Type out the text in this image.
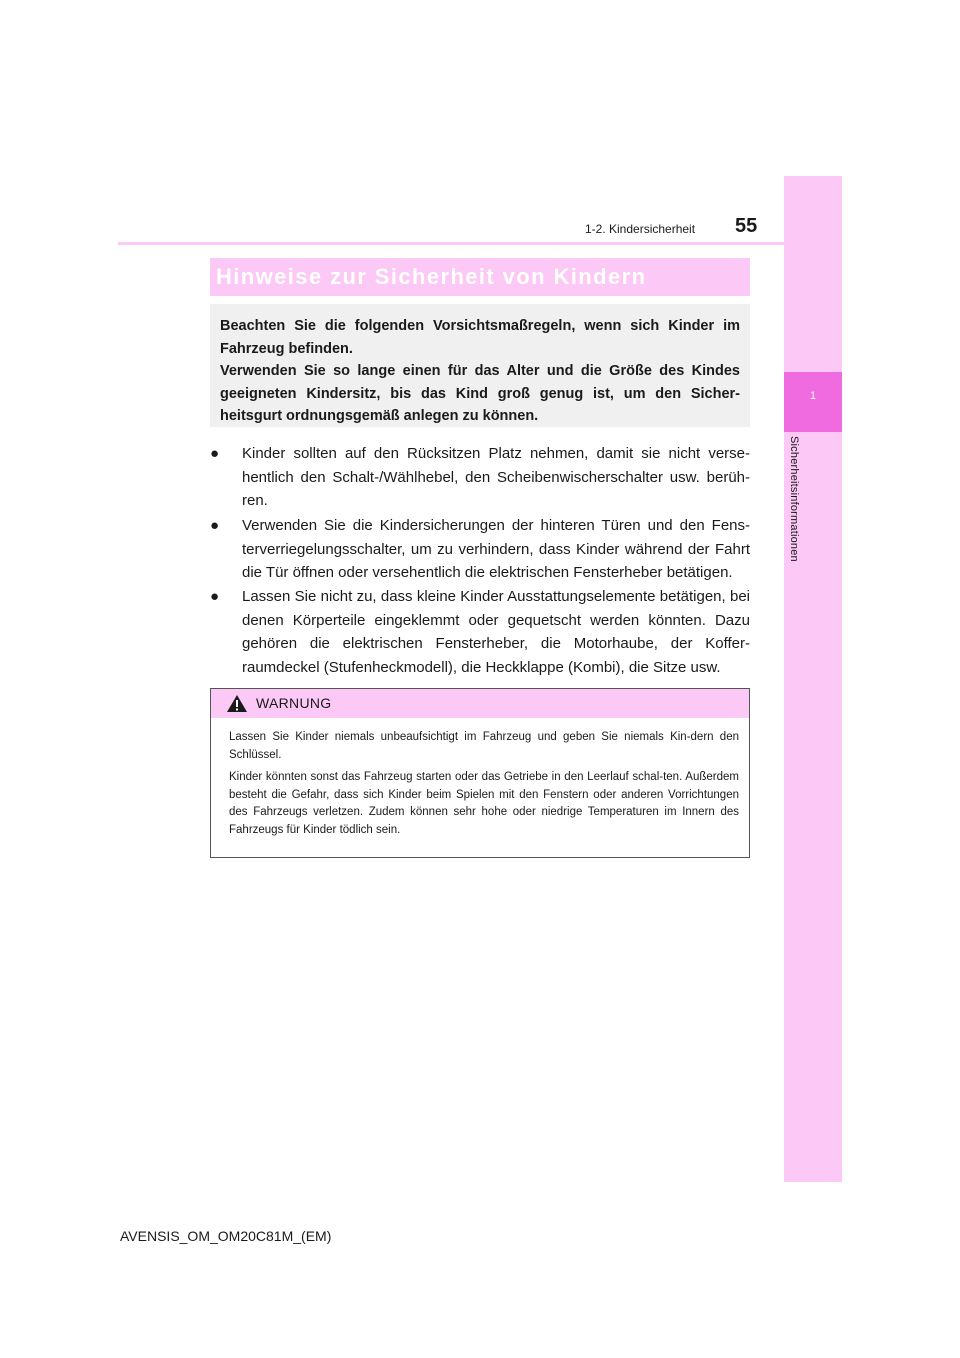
1
Sicherheitsinformationen
1-2. Kindersicherheit 55
Hinweise zur Sicherheit von Kindern

Beachten Sie die folgenden Vorsichtsmaßregeln, wenn sich Kinder im Fahrzeug befinden.

Verwenden Sie so lange einen für das Alter und die Größe des Kindes geeigneten Kindersitz, bis das Kind groß genug ist, um den Sicher-heitsgurt ordnungsgemäß anlegen zu können.

● Kinder sollten auf den Rücksitzen Platz nehmen, damit sie nicht verse-hentlich den Schalt-/Wählhebel, den Scheibenwischerschalter usw. berüh-ren.
● Verwenden Sie die Kindersicherungen der hinteren Türen und den Fens-terverriegelungsschalter, um zu verhindern, dass Kinder während der Fahrt die Tür öffnen oder versehentlich die elektrischen Fensterheber betätigen.
● Lassen Sie nicht zu, dass kleine Kinder Ausstattungselemente betätigen, bei denen Körperteile eingeklemmt oder gequetscht werden könnten. Dazu gehören die elektrischen Fensterheber, die Motorhaube, der Koffer-raumdeckel (Stufenheckmodell), die Heckklappe (Kombi), die Sitze usw.
WARNUNG

Lassen Sie Kinder niemals unbeaufsichtigt im Fahrzeug und geben Sie niemals Kin-dern den Schlüssel.

Kinder könnten sonst das Fahrzeug starten oder das Getriebe in den Leerlauf schal-ten. Außerdem besteht die Gefahr, dass sich Kinder beim Spielen mit den Fenstern oder anderen Vorrichtungen des Fahrzeugs verletzen. Zudem können sehr hohe oder niedrige Temperaturen im Innern des Fahrzeugs für Kinder tödlich sein.

AVENSIS_OM_OM20C81M_(EM)
